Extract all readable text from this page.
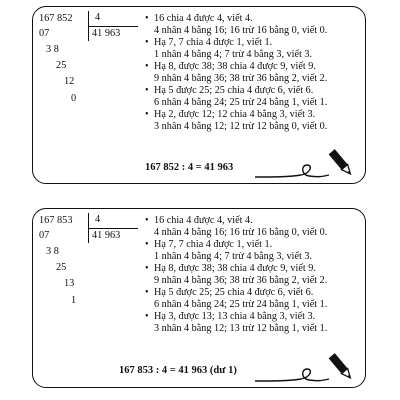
167 852 4
41 963
07
3 8
25
12
0
• 16 chia 4 được 4, viết 4.
4 nhân 4 bằng 16; 16 trừ 16 bằng 0, viết 0.
• Hạ 7, 7 chia 4 được 1, viết 1.
1 nhân 4 bằng 4; 7 trừ 4 bằng 3, viết 3.
• Hạ 8, được 38; 38 chia 4 được 9, viết 9.
9 nhân 4 bằng 36; 38 trừ 36 bằng 2, viết 2.
• Hạ 5 được 25; 25 chia 4 được 6, viết 6.
6 nhân 4 bằng 24; 25 trừ 24 bằng 1, viết 1.
• Hạ 2, được 12; 12 chia 4 bằng 3, viết 3.
3 nhân 4 bằng 12; 12 trừ 12 bằng 0, viết 0.
167 852 : 4 = 41 963
167 853 4
41 963
07
3 8
25
13
1
• 16 chia 4 được 4, viết 4.
4 nhân 4 bằng 16; 16 trừ 16 bằng 0, viết 0.
• Hạ 7, 7 chia 4 được 1, viết 1.
1 nhân 4 bằng 4; 7 trừ 4 bằng 3, viết 3.
• Hạ 8, được 38; 38 chia 4 được 9, viết 9.
9 nhân 4 bằng 36; 38 trừ 36 bằng 2, viết 2.
• Hạ 5 được 25; 25 chia 4 được 6, viết 6.
6 nhân 4 bằng 24; 25 trừ 24 bằng 1, viết 1.
• Hạ 3, được 13; 13 chia 4 bằng 3, viết 3.
3 nhân 4 bằng 12; 13 trừ 12 bằng 1, viết 1.
167 853 : 4 = 41 963 (dư 1)
